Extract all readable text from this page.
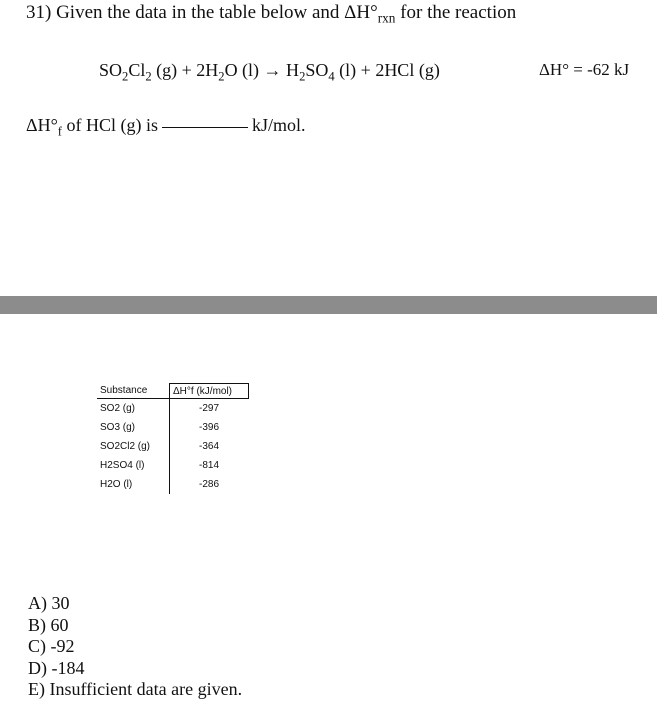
31) Given the data in the table below and $\Delta H^\circ_{rxn}$ for the reaction
$SO_2Cl_2$ $(g) + 2H_2O$ $(l) \to H_2SO_4$ (l) + 2HCl (g)	ΔH° = -62 kJ
$\Delta H^\circ_f$ of HCl (g) is	kJ/mol.
Substance	ΔH°f (kJ/mol)
SO2 (g)	-297
SO3 (g)	-396
SO2Cl2 (g)	-364
H2SO4 (l)	-814
H2O (l)	-286
A) 30
B) 60
C) -92
D) -184
E) Insufficient data are given.
